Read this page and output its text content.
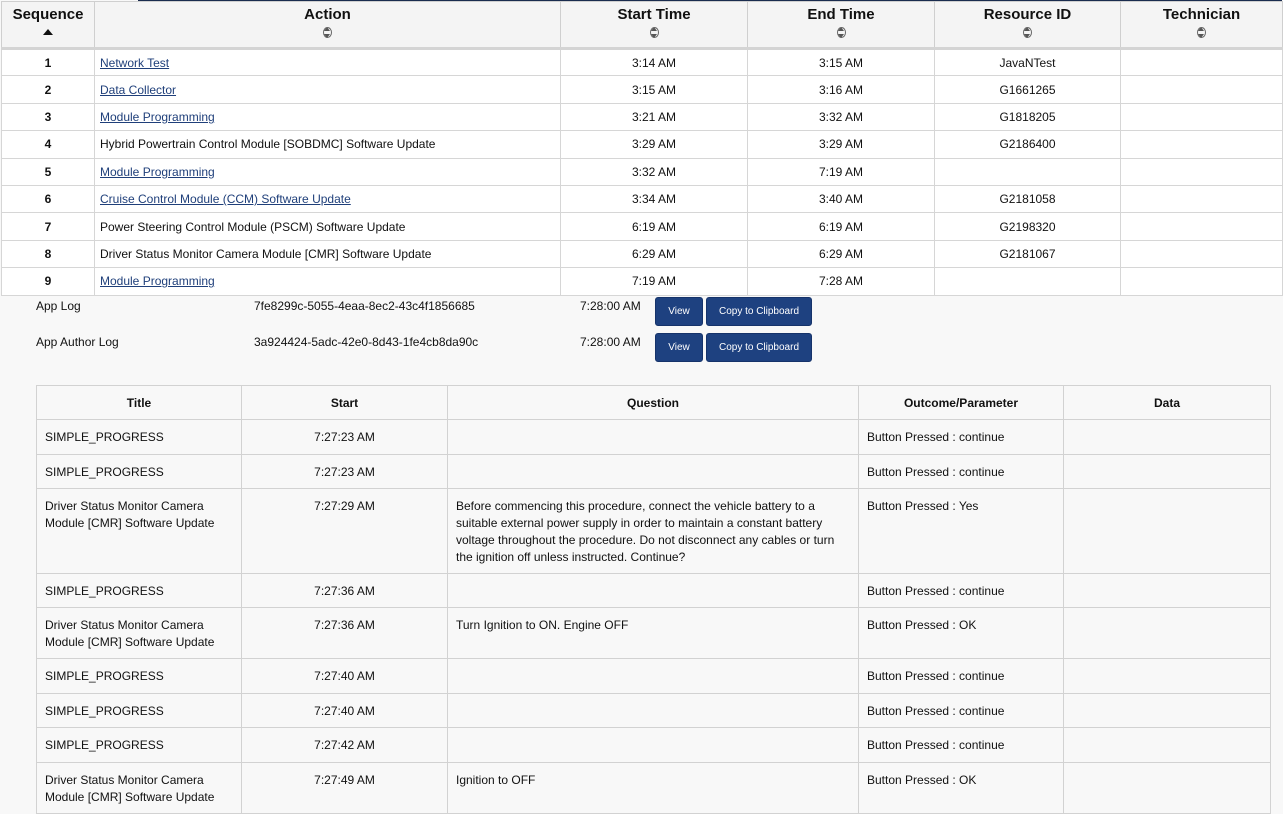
Sequence	Action	Start Time	End Time	Resource ID	Technician

1	Network Test	3:14 AM	3:15 AM	JavaNTest	
2	Data Collector	3:15 AM	3:16 AM	G1661265	
3	Module Programming	3:21 AM	3:32 AM	G1818205	
4	Hybrid Powertrain Control Module [SOBDMC] Software Update	3:29 AM	3:29 AM	G2186400	
5	Module Programming	3:32 AM	7:19 AM		
6	Cruise Control Module (CCM) Software Update	3:34 AM	3:40 AM	G2181058	
7	Power Steering Control Module (PSCM) Software Update	6:19 AM	6:19 AM	G2198320	
8	Driver Status Monitor Camera Module [CMR] Software Update	6:29 AM	6:29 AM	G2181067	
9	Module Programming	7:19 AM	7:28 AM		
App Log	7fe8299c-5055-4eaa-8ec2-43c4f1856685	7:28:00 AM	View	Copy to Clipboard
App Author Log	3a924424-5adc-42e0-8d43-1fe4cb8da90c	7:28:00 AM	View	Copy to Clipboard
Title	Start	Question	Outcome/Parameter	Data
SIMPLE_PROGRESS	7:27:23 AM		Button Pressed : continue	
SIMPLE_PROGRESS	7:27:23 AM		Button Pressed : continue	
Driver Status Monitor Camera Module [CMR] Software Update	7:27:29 AM	Before commencing this procedure, connect the vehicle battery to a suitable external power supply in order to maintain a constant battery voltage throughout the procedure. Do not disconnect any cables or turn the ignition off unless instructed. Continue?	Button Pressed : Yes	
SIMPLE_PROGRESS	7:27:36 AM		Button Pressed : continue	
Driver Status Monitor Camera Module [CMR] Software Update	7:27:36 AM	Turn Ignition to ON. Engine OFF	Button Pressed : OK	
SIMPLE_PROGRESS	7:27:40 AM		Button Pressed : continue	
SIMPLE_PROGRESS	7:27:40 AM		Button Pressed : continue	
SIMPLE_PROGRESS	7:27:42 AM		Button Pressed : continue	
Driver Status Monitor Camera Module [CMR] Software Update	7:27:49 AM	Ignition to OFF	Button Pressed : OK	
